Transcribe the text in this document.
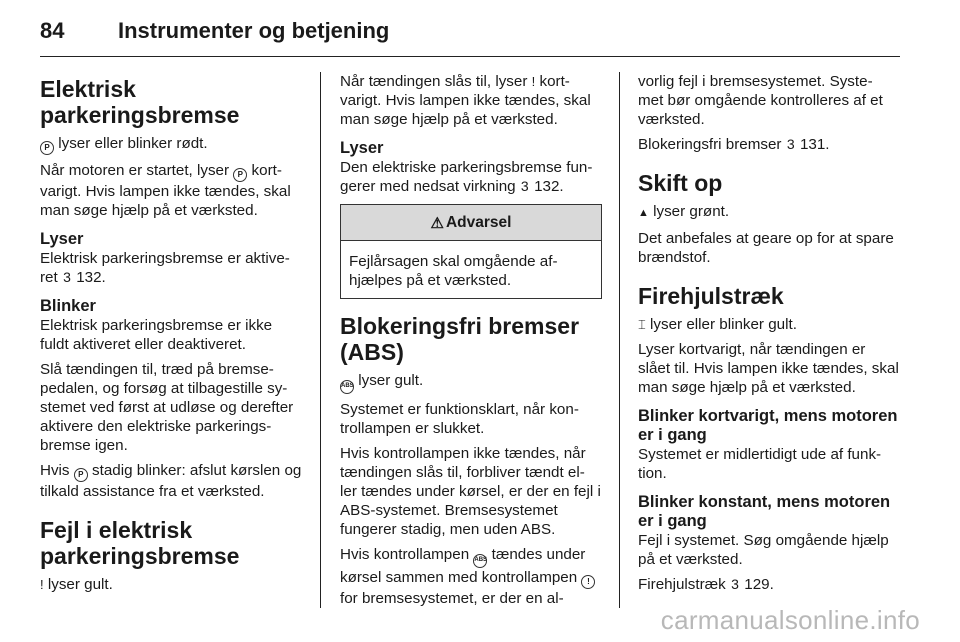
84	Instrumenter og betjening
Elektrisk parkeringsbremse

P lyser eller blinker rødt.

Når motoren er startet, lyser P kort- varigt. Hvis lampen ikke tændes, skal man søge hjælp på et værksted.

Lyser

Elektrisk parkeringsbremse er aktive- ret 3 132.

Blinker

Elektrisk parkeringsbremse er ikke fuldt aktiveret eller deaktiveret.

Slå tændingen til, træd på bremse- pedalen, og forsøg at tilbagestille sy- stemet ved først at udløse og derefter aktivere den elektriske parkerings- bremse igen.

Hvis P stadig blinker: afslut kørslen og tilkald assistance fra et værksted.

Fejl i elektrisk parkeringsbremse

! lyser gult.

Når tændingen slås til, lyser ! kort- varigt. Hvis lampen ikke tændes, skal man søge hjælp på et værksted.

Lyser

Den elektriske parkeringsbremse fun- gerer med nedsat virkning 3 132.

⚠ Advarsel

Fejlårsagen skal omgående af- hjælpes på et værksted.

Blokeringsfri bremser (ABS)

ABS lyser gult.

Systemet er funktionsklart, når kon- trollampen er slukket.

Hvis kontrollampen ikke tændes, når tændingen slås til, forbliver tændt el- ler tændes under kørsel, er der en fejl i ABS-systemet. Bremsesystemet fungerer stadig, men uden ABS.

Hvis kontrollampen ABS tændes under kørsel sammen med kontrollampen ! for bremsesystemet, er der en al-

vorlig fejl i bremsesystemet. Syste- met bør omgående kontrolleres af et værksted.

Blokeringsfri bremser 3 131.

Skift op

▲ lyser grønt.

Det anbefales at geare op for at spare brændstof.

Firehjulstræk

⌶ lyser eller blinker gult.

Lyser kortvarigt, når tændingen er slået til. Hvis lampen ikke tændes, skal man søge hjælp på et værksted.

Blinker kortvarigt, mens motoren er i gang

Systemet er midlertidigt ude af funk- tion.

Blinker konstant, mens motoren er i gang

Fejl i systemet. Søg omgående hjælp på et værksted.

Firehjulstræk 3 129.

carmanualsonline.info
